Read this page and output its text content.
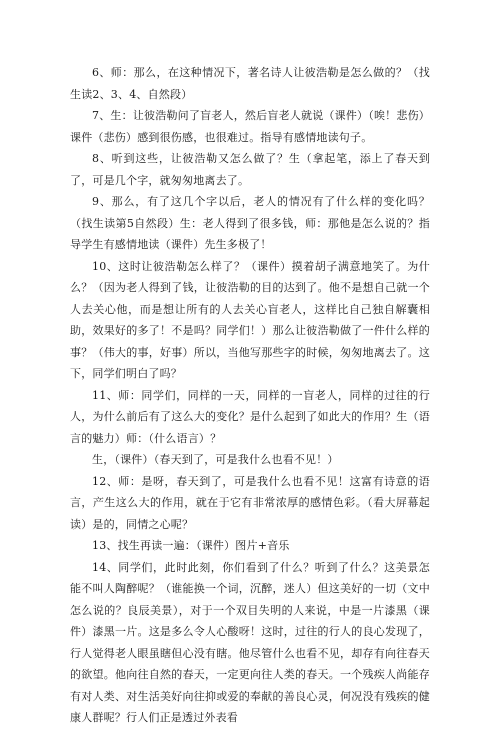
6、师：那么，在这种情况下，著名诗人让彼浩勒是怎么做的？（找生读2、3、4、自然段）

7、生：让彼浩勒问了盲老人，然后盲老人就说（课件）（唉！悲伤）课件（悲伤）感到很伤感，也很难过。指导有感情地读句子。

8、听到这些，让彼浩勒又怎么做了？生（拿起笔，添上了春天到了，可是几个字，就匆匆地离去了。

9、那么，有了这几个字以后，老人的情况有了什么样的变化吗？（找生读第5自然段）生：老人得到了很多钱，师：那他是怎么说的？指导学生有感情地读（课件）先生多极了！

10、这时让彼浩勒怎么样了？（课件）摸着胡子满意地笑了。为什么？（因为老人得到了钱，让彼浩勒的目的达到了。他不是想自己就一个人去关心他，而是想让所有的人去关心盲老人，这样比自己独自解囊相助，效果好的多了！不是吗？同学们！）那么让彼浩勒做了一件什么样的事？（伟大的事，好事）所以，当他写那些字的时候，匆匆地离去了。这下，同学们明白了吗？

11、师：同学们，同样的一天，同样的一盲老人，同样的过往的行人，为什么前后有了这么大的变化？是什么起到了如此大的作用？生（语言的魅力）师：（什么语言）？

生，（课件）（春天到了，可是我什么也看不见！）

12、师：是呀，春天到了，可是我什么也看不见！这富有诗意的语言，产生这么大的作用，就在于它有非常浓厚的感情色彩。（看大屏幕起读）是的，同情之心呢？

13、找生再读一遍：（课件）图片+音乐

14、同学们，此时此刻，你们看到了什么？听到了什么？这美景怎能不叫人陶醉呢？（谁能换一个词，沉醉，迷人）但这美好的一切（文中怎么说的？良辰美景），对于一个双目失明的人来说，中是一片漆黑（课件）漆黑一片。这是多么令人心酸呀！这时，过往的行人的良心发现了，行人觉得老人眼虽瞎但心没有瞎。他尽管什么也看不见，却存有向往春天的欲望。他向往自然的春天，一定更向往人类的春天。一个残疾人尚能存有对人类、对生活美好向往抑或爱的奉献的善良心灵，何况没有残疾的健康人群呢？行人们正是透过外表看
